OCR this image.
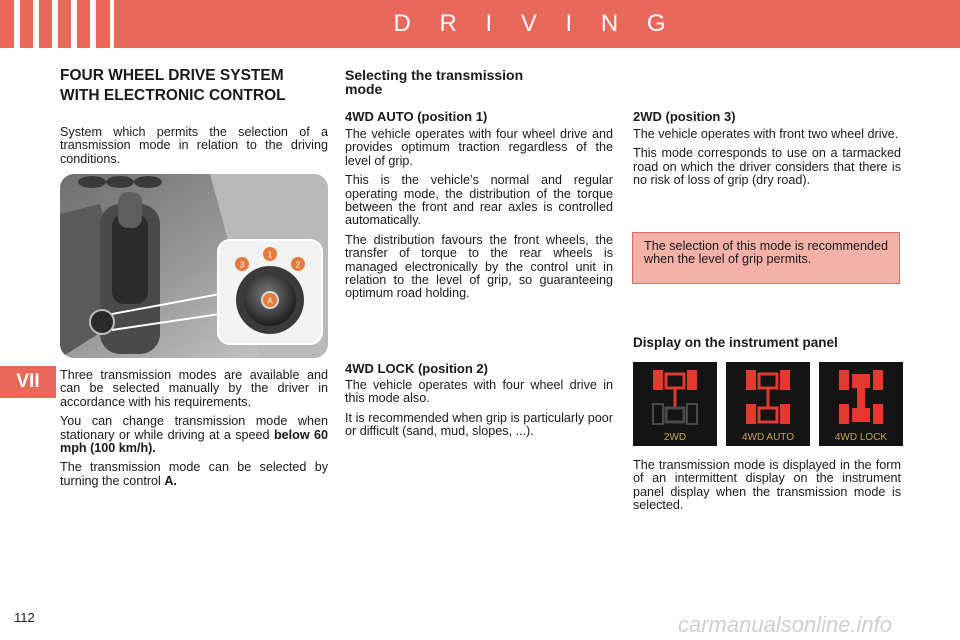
D R I V I N G
VII
FOUR WHEEL DRIVE SYSTEM
WITH ELECTRONIC CONTROL
System which permits the selection of a transmission mode in relation to the driving conditions.
3
1
2
A

Three transmission modes are available and can be selected manually by the driver in accordance with his requirements.

You can change transmission mode when stationary or while driving at a speed below 60 mph (100 km/h).

The transmission mode can be selected by turning the control A.

Selecting the transmission
mode
4WD AUTO (position 1)

The vehicle operates with four wheel drive and provides optimum traction regardless of the level of grip.

This is the vehicle’s normal and regular operating mode, the distribution of the torque between the front and rear axles is controlled automatically.

The distribution favours the front wheels, the transfer of torque to the rear wheels is managed electronically by the control unit in relation to the level of grip, so guaranteeing optimum road holding.

4WD LOCK (position 2)

The vehicle operates with four wheel drive in this mode also.

It is recommended when grip is particularly poor or difficult (sand, mud, slopes, ...).

2WD (position 3)

The vehicle operates with front two wheel drive.

This mode corresponds to use on a tarmacked road on which the driver considers that there is no risk of loss of grip (dry road).

The selection of this mode is recommended when the level of grip permits.
Display on the instrument panel
2WD	4WD AUTO	4WD LOCK
The transmission mode is displayed in the form of an intermittent display on the instrument panel display when the transmission mode is selected.
112	carmanualsonline.info
